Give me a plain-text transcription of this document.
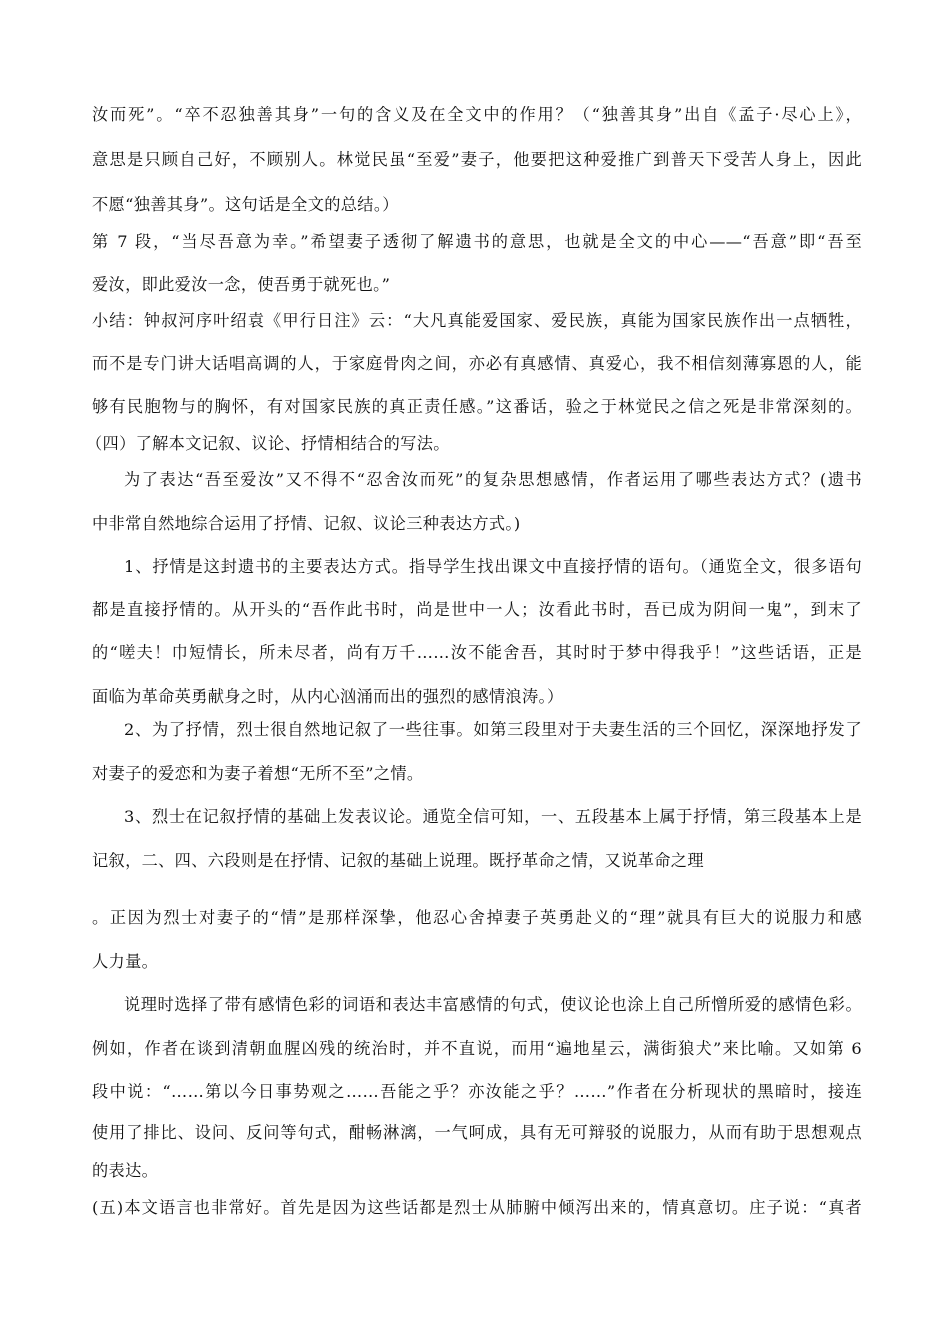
汝而死”。“卒不忍独善其身”一句的含义及在全文中的作用？（“独善其身”出自《孟子·尽心上》，
意思是只顾自己好，不顾别人。林觉民虽“至爱”妻子，他要把这种爱推广到普天下受苦人身上，因此
不愿“独善其身”。这句话是全文的总结。）
第 7 段，“当尽吾意为幸。”希望妻子透彻了解遗书的意思，也就是全文的中心——“吾意”即“吾至
爱汝，即此爱汝一念，使吾勇于就死也。”
小结：钟叔河序叶绍袁《甲行日注》云：“大凡真能爱国家、爱民族，真能为国家民族作出一点牺牲，
而不是专门讲大话唱高调的人，于家庭骨肉之间，亦必有真感情、真爱心，我不相信刻薄寡恩的人，能
够有民胞物与的胸怀，有对国家民族的真正责任感。”这番话，验之于林觉民之信之死是非常深刻的。
（四）了解本文记叙、议论、抒情相结合的写法。
为了表达“吾至爱汝”又不得不“忍舍汝而死”的复杂思想感情，作者运用了哪些表达方式？(遗书
中非常自然地综合运用了抒情、记叙、议论三种表达方式。)
1、抒情是这封遗书的主要表达方式。指导学生找出课文中直接抒情的语句。（通览全文，很多语句
都是直接抒情的。从开头的“吾作此书时，尚是世中一人；汝看此书时，吾已成为阴间一鬼”，到末了
的“嗟夫！巾短情长，所未尽者，尚有万千……汝不能舍吾，其时时于梦中得我乎！”这些话语，正是
面临为革命英勇献身之时，从内心汹涌而出的强烈的感情浪涛。）
2、为了抒情，烈士很自然地记叙了一些往事。如第三段里对于夫妻生活的三个回忆，深深地抒发了
对妻子的爱恋和为妻子着想“无所不至”之情。
3、烈士在记叙抒情的基础上发表议论。通览全信可知，一、五段基本上属于抒情，第三段基本上是
记叙，二、四、六段则是在抒情、记叙的基础上说理。既抒革命之情，又说革命之理
。正因为烈士对妻子的“情”是那样深挚，他忍心舍掉妻子英勇赴义的“理”就具有巨大的说服力和感
人力量。
说理时选择了带有感情色彩的词语和表达丰富感情的句式，使议论也涂上自己所憎所爱的感情色彩。
例如，作者在谈到清朝血腥凶残的统治时，并不直说，而用“遍地星云，满街狼犬”来比喻。又如第 6
段中说：“……第以今日事势观之……吾能之乎？亦汝能之乎？……”作者在分析现状的黑暗时，接连
使用了排比、设问、反问等句式，酣畅淋漓，一气呵成，具有无可辩驳的说服力，从而有助于思想观点
的表达。
(五)本文语言也非常好。首先是因为这些话都是烈士从肺腑中倾泻出来的，情真意切。庄子说：“真者
